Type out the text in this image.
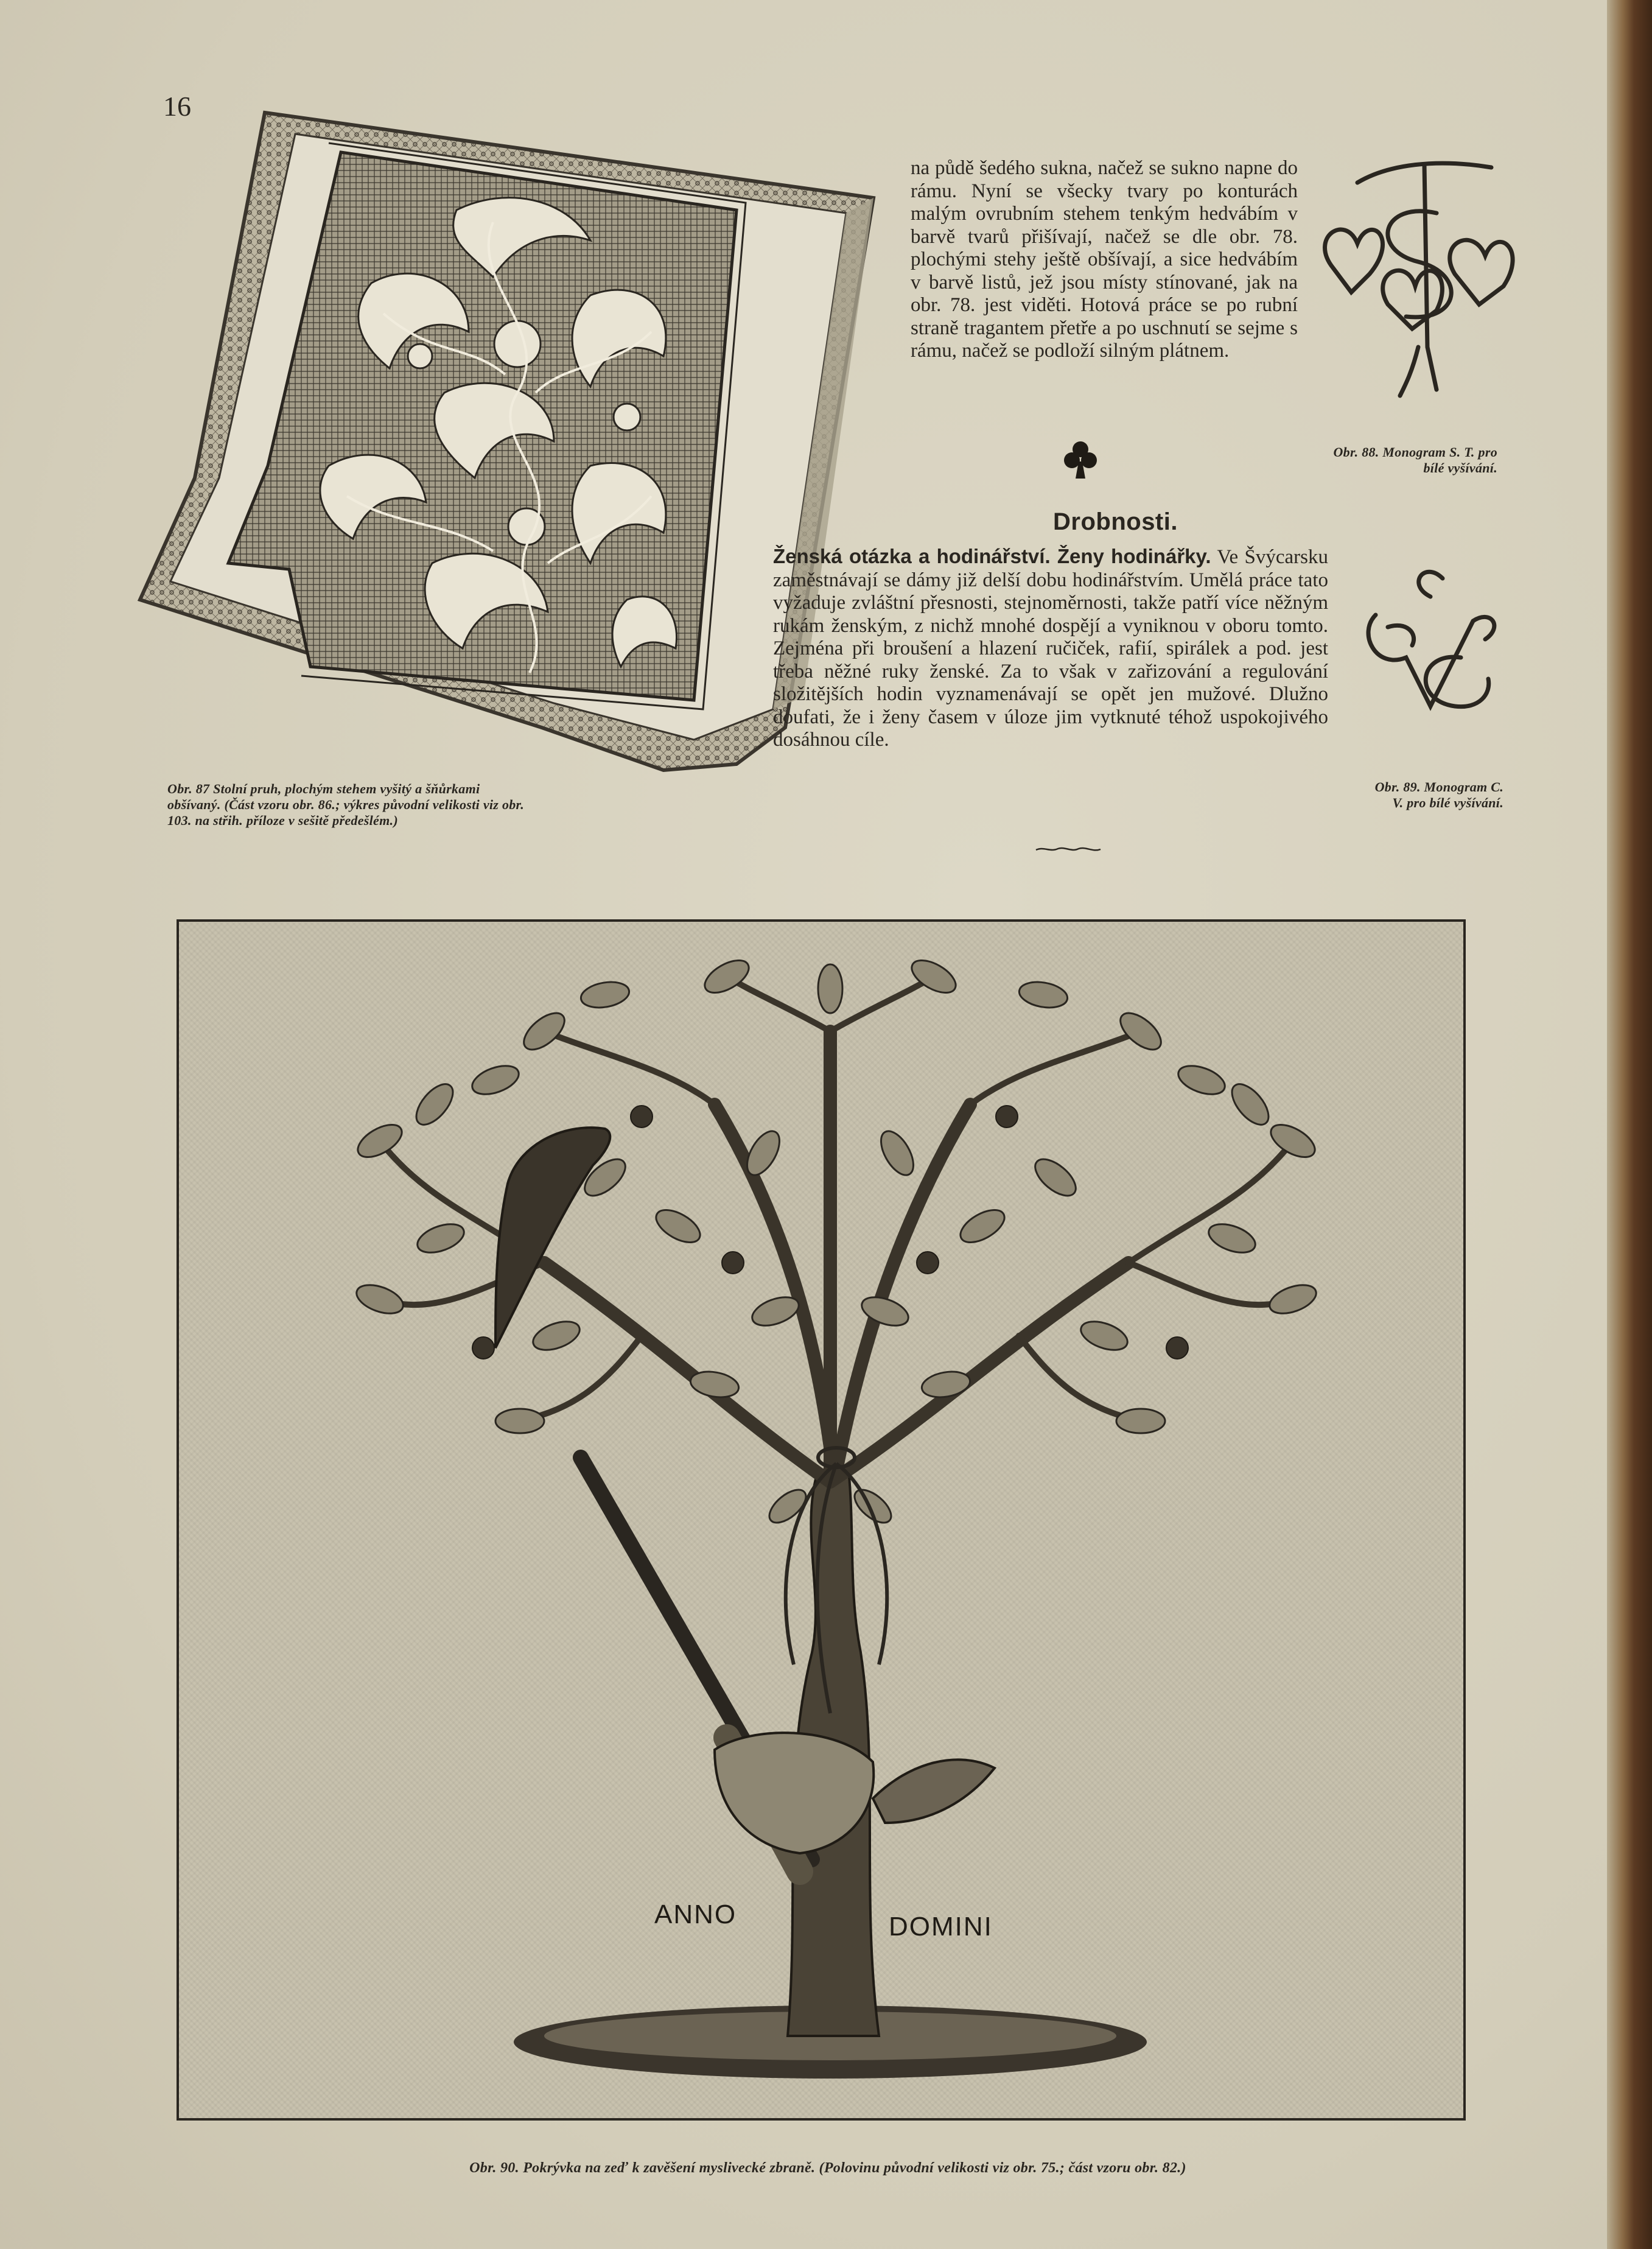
16

na půdě šedého sukna, načež se sukno napne do rámu. Nyní se všecky tvary po konturách malým ovrubním stehem tenkým hedvábím v barvě tvarů přišívají, načež se dle obr. 78. plochými stehy ještě obšívají, a sice hedvábím v barvě listů, jež jsou místy stínované, jak na obr. 78. jest viděti. Hotová práce se po rubní straně tragantem přetře a po uschnutí se sejme s rámu, načež se podloží silným plátnem.

Drobnosti.

Ženská otázka a hodinářství. Ženy hodinářky. Ve Švýcarsku zaměstnávají se dámy již delší dobu hodinářstvím. Umělá práce tato vyžaduje zvláštní přesnosti, stejnoměrnosti, takže patří více něžným rukám ženským, z nichž mnohé dospějí a vyniknou v oboru tomto. Zejména při broušení a hlazení ručiček, rafií, spirálek a pod. jest třeba něžné ruky ženské. Za to však v zařizování a regulování složitějších hodin vyznamenávají se opět jen mužové. Dlužno doufati, že i ženy časem v úloze jim vytknuté téhož uspokojivého dosáhnou cíle.

Obr. 88. Monogram S. T. pro bílé vyšívání.
Obr. 89. Monogram C. V. pro bílé vyšívání.
Obr. 87 Stolní pruh, plochým stehem vyšitý a šňůrkami obšívaný. (Část vzoru obr. 86.; výkres původní velikosti viz obr. 103. na střih. příloze v sešitě předešlém.)
ANNO	DOMINI
Obr. 90. Pokrývka na zeď k zavěšení myslivecké zbraně. (Polovinu původní velikosti viz obr. 75.; část vzoru obr. 82.)
